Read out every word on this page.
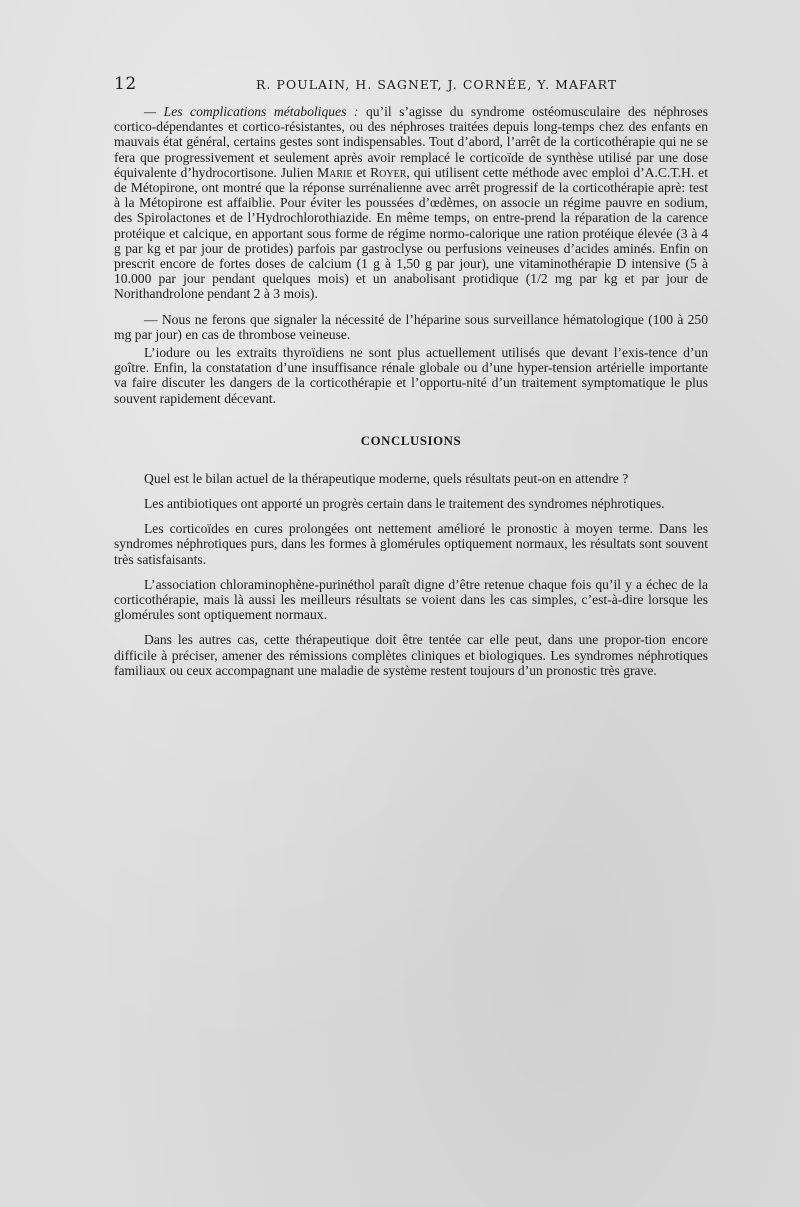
12	R. POULAIN, H. SAGNET, J. CORNÉE, Y. MAFART

— Les complications métaboliques : qu’il s’agisse du syndrome ostéomusculaire des néphroses cortico-dépendantes et cortico-résistantes, ou des néphroses traitées depuis long-temps chez des enfants en mauvais état général, certains gestes sont indispensables. Tout d’abord, l’arrêt de la corticothérapie qui ne se fera que progressivement et seulement après avoir remplacé le corticoïde de synthèse utilisé par une dose équivalente d’hydrocortisone. Julien Marie et Royer, qui utilisent cette méthode avec emploi d’A.C.T.H. et de Métopirone, ont montré que la réponse surrénalienne avec arrêt progressif de la corticothérapie aprè: test à la Métopirone est affaiblie. Pour éviter les poussées d’œdèmes, on associe un régime pauvre en sodium, des Spirolactones et de l’Hydrochlorothiazide. En même temps, on entre-prend la réparation de la carence protéique et calcique, en apportant sous forme de régime normo-calorique une ration protéique élevée (3 à 4 g par kg et par jour de protides) parfois par gastroclyse ou perfusions veineuses d’acides aminés. Enfin on prescrit encore de fortes doses de calcium (1 g à 1,50 g par jour), une vitaminothérapie D intensive (5 à 10.000 par jour pendant quelques mois) et un anabolisant protidique (1/2 mg par kg et par jour de Norithandrolone pendant 2 à 3 mois).

— Nous ne ferons que signaler la nécessité de l’héparine sous surveillance hématologique (100 à 250 mg par jour) en cas de thrombose veineuse.

L’iodure ou les extraits thyroïdiens ne sont plus actuellement utilisés que devant l’exis-tence d’un goître. Enfin, la constatation d’une insuffisance rénale globale ou d’une hyper-tension artérielle importante va faire discuter les dangers de la corticothérapie et l’opportu-nité d’un traitement symptomatique le plus souvent rapidement décevant.

CONCLUSIONS

Quel est le bilan actuel de la thérapeutique moderne, quels résultats peut-on en attendre ?

Les antibiotiques ont apporté un progrès certain dans le traitement des syndromes néphrotiques.

Les corticoïdes en cures prolongées ont nettement amélioré le pronostic à moyen terme. Dans les syndromes néphrotiques purs, dans les formes à glomérules optiquement normaux, les résultats sont souvent très satisfaisants.

L’association chloraminophène-purinéthol paraît digne d’être retenue chaque fois qu’il y a échec de la corticothérapie, mais là aussi les meilleurs résultats se voient dans les cas simples, c’est-à-dire lorsque les glomérules sont optiquement normaux.

Dans les autres cas, cette thérapeutique doit être tentée car elle peut, dans une propor-tion encore difficile à préciser, amener des rémissions complètes cliniques et biologiques. Les syndromes néphrotiques familiaux ou ceux accompagnant une maladie de système restent toujours d’un pronostic très grave.
